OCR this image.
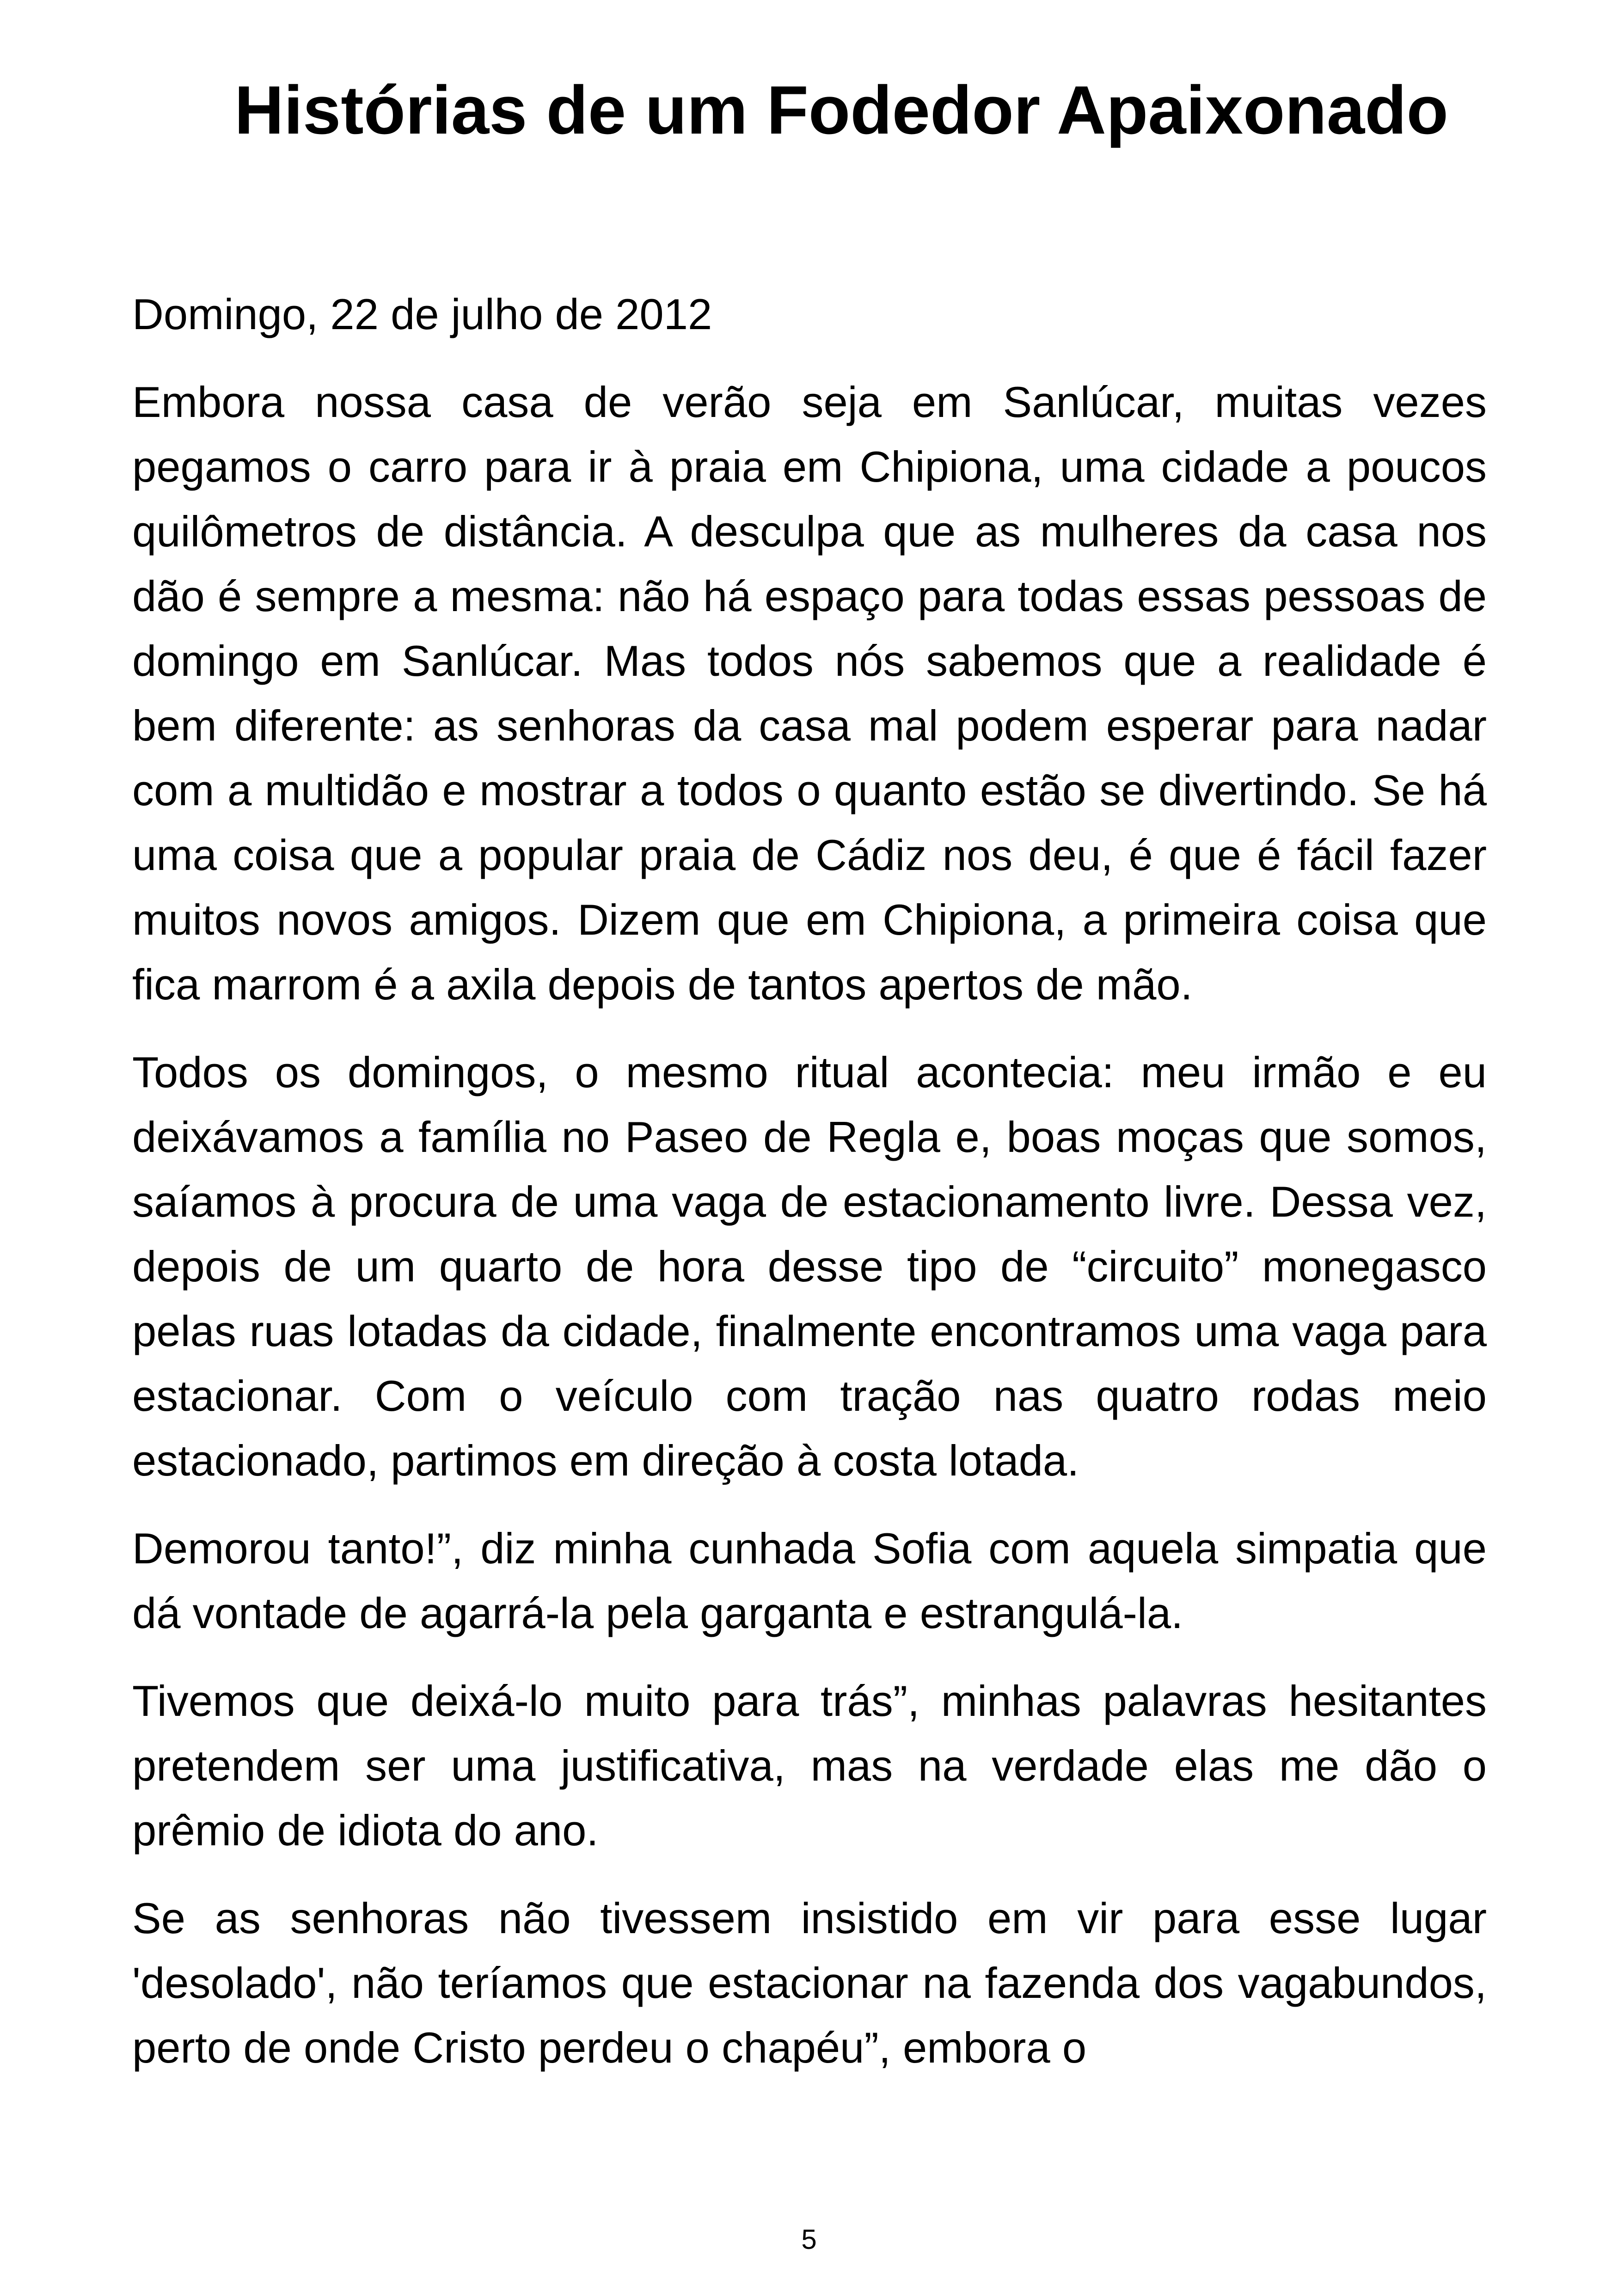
Histórias de um Fodedor Apaixonado

Domingo, 22 de julho de 2012

Embora nossa casa de verão seja em Sanlúcar, muitas vezes pegamos o carro para ir à praia em Chipiona, uma cidade a poucos quilômetros de distância. A desculpa que as mulheres da casa nos dão é sempre a mesma: não há espaço para todas essas pessoas de domingo em Sanlúcar. Mas todos nós sabemos que a realidade é bem diferente: as senhoras da casa mal podem esperar para nadar com a multidão e mostrar a todos o quanto estão se divertindo. Se há uma coisa que a popular praia de Cádiz nos deu, é que é fácil fazer muitos novos amigos. Dizem que em Chipiona, a primeira coisa que fica marrom é a axila depois de tantos apertos de mão.

Todos os domingos, o mesmo ritual acontecia: meu irmão e eu deixávamos a família no Paseo de Regla e, boas moças que somos, saíamos à procura de uma vaga de estacionamento livre. Dessa vez, depois de um quarto de hora desse tipo de “circuito” monegasco pelas ruas lotadas da cidade, finalmente encontramos uma vaga para estacionar. Com o veículo com tração nas quatro rodas meio estacionado, partimos em direção à costa lotada.

Demorou tanto!”, diz minha cunhada Sofia com aquela simpatia que dá vontade de agarrá-la pela garganta e estrangulá-la.

Tivemos que deixá-lo muito para trás”, minhas palavras hesitantes pretendem ser uma justificativa, mas na verdade elas me dão o prêmio de idiota do ano.

Se as senhoras não tivessem insistido em vir para esse lugar 'desolado', não teríamos que estacionar na fazenda dos vagabundos, perto de onde Cristo perdeu o chapéu”, embora o

5
